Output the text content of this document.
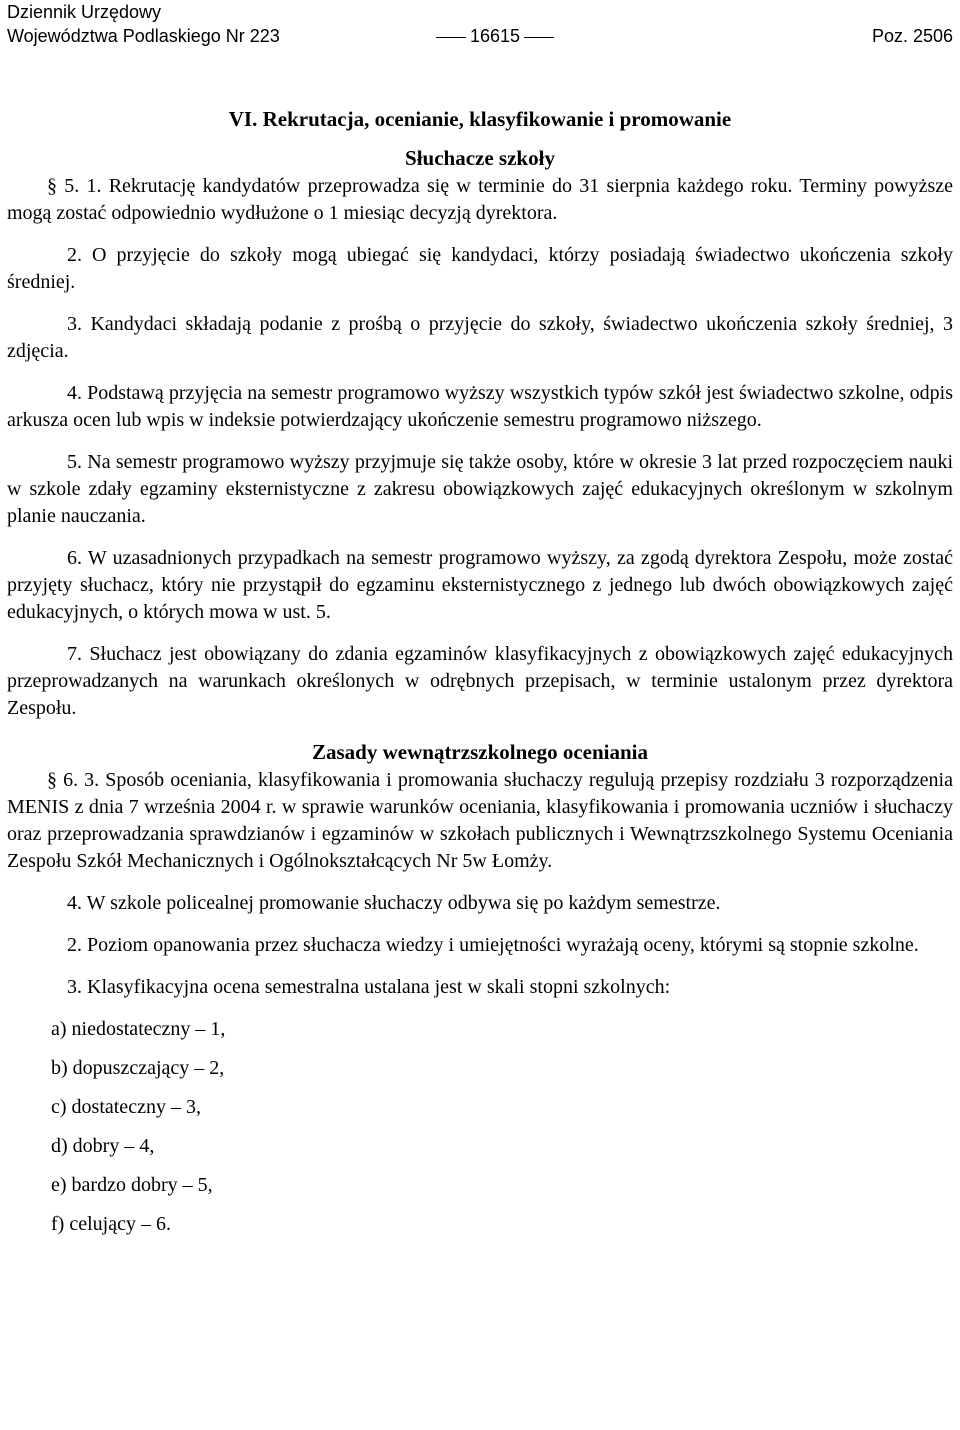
Dziennik Urzędowy
Województwa Podlaskiego Nr 223	16615	Poz. 2506
VI. Rekrutacja, ocenianie, klasyfikowanie i promowanie
Słuchacze szkoły

§ 5. 1. Rekrutację kandydatów przeprowadza się w terminie do 31 sierpnia każdego roku. Terminy powyższe mogą zostać odpowiednio wydłużone o 1 miesiąc decyzją dyrektora.

2. O przyjęcie do szkoły mogą ubiegać się kandydaci, którzy posiadają świadectwo ukończenia szkoły średniej.

3. Kandydaci składają podanie z prośbą o przyjęcie do szkoły, świadectwo ukończenia szkoły średniej, 3 zdjęcia.

4. Podstawą przyjęcia na semestr programowo wyższy wszystkich typów szkół jest świadectwo szkolne, odpis arkusza ocen lub wpis w indeksie potwierdzający ukończenie semestru programowo niższego.

5. Na semestr programowo wyższy przyjmuje się także osoby, które w okresie 3 lat przed rozpoczęciem nauki w szkole zdały egzaminy eksternistyczne z zakresu obowiązkowych zajęć edukacyjnych określonym w szkolnym planie nauczania.

6. W uzasadnionych przypadkach na semestr programowo wyższy, za zgodą dyrektora Zespołu, może zostać przyjęty słuchacz, który nie przystąpił do egzaminu eksternistycznego z jednego lub dwóch obowiązkowych zajęć edukacyjnych, o których mowa w ust. 5.

7. Słuchacz jest obowiązany do zdania egzaminów klasyfikacyjnych z obowiązkowych zajęć edukacyjnych przeprowadzanych na warunkach określonych w odrębnych przepisach, w terminie ustalonym przez dyrektora Zespołu.

Zasady wewnątrzszkolnego oceniania

§ 6. 3. Sposób oceniania, klasyfikowania i promowania słuchaczy regulują przepisy rozdziału 3 rozporządzenia MENIS z dnia 7 września 2004 r. w sprawie warunków oceniania, klasyfikowania i promowania uczniów i słuchaczy oraz przeprowadzania sprawdzianów i egzaminów w szkołach publicznych i Wewnątrzszkolnego Systemu Oceniania Zespołu Szkół Mechanicznych i Ogólnokształcących Nr 5w Łomży.

4. W szkole policealnej promowanie słuchaczy odbywa się po każdym semestrze.

2. Poziom opanowania przez słuchacza wiedzy i umiejętności wyrażają oceny, którymi są stopnie szkolne.

3. Klasyfikacyjna ocena semestralna ustalana jest w skali stopni szkolnych:

a) niedostateczny – 1,
b) dopuszczający – 2,
c) dostateczny – 3,
d) dobry – 4,
e) bardzo dobry – 5,
f) celujący – 6.
